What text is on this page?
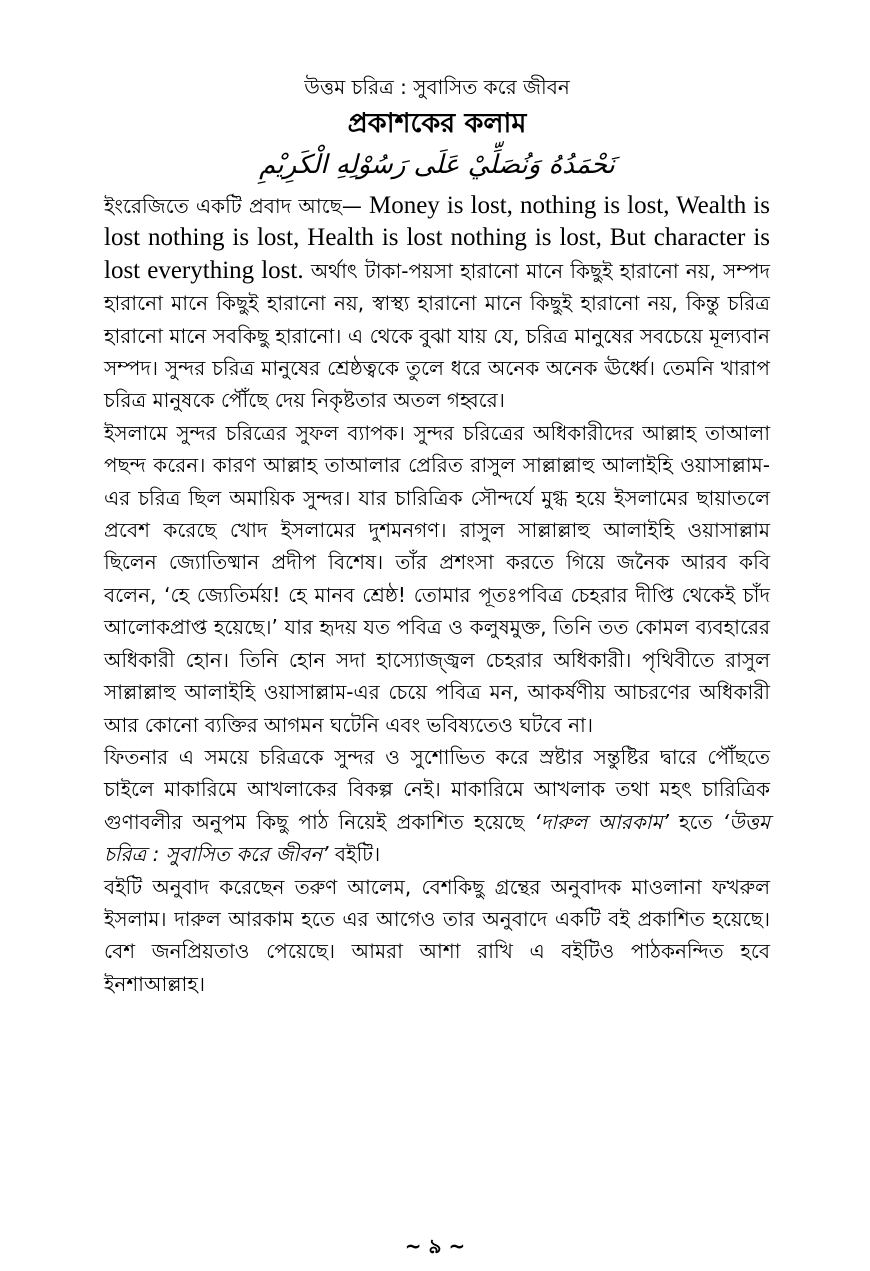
উত্তম চরিত্র : সুবাসিত করে জীবন

প্রকাশকের কলাম

نَحْمَدُهُ وَنُصَلِّيْ عَلَى رَسُوْلِهِ الْكَرِيْمِ

ইংরেজিতে একটি প্রবাদ আছে— Money is lost, nothing is lost, Wealth is lost nothing is lost, Health is lost nothing is lost, But character is lost everything lost. অর্থাৎ টাকা-পয়সা হারানো মানে কিছুই হারানো নয়, সম্পদ হারানো মানে কিছুই হারানো নয়, স্বাস্থ্য হারানো মানে কিছুই হারানো নয়, কিন্তু চরিত্র হারানো মানে সবকিছু হারানো। এ থেকে বুঝা যায় যে, চরিত্র মানুষের সবচেয়ে মূল্যবান সম্পদ। সুন্দর চরিত্র মানুষের শ্রেষ্ঠত্বকে তুলে ধরে অনেক অনেক ঊর্ধ্বে। তেমনি খারাপ চরিত্র মানুষকে পৌঁছে দেয় নিকৃষ্টতার অতল গহ্বরে।

ইসলামে সুন্দর চরিত্রের সুফল ব্যাপক। সুন্দর চরিত্রের অধিকারীদের আল্লাহ তাআলা পছন্দ করেন। কারণ আল্লাহ তাআলার প্রেরিত রাসুল সাল্লাল্লাহু আলাইহি ওয়াসাল্লাম-এর চরিত্র ছিল অমায়িক সুন্দর। যার চারিত্রিক সৌন্দর্যে মুগ্ধ হয়ে ইসলামের ছায়াতলে প্রবেশ করেছে খোদ ইসলামের দুশমনগণ। রাসুল সাল্লাল্লাহু আলাইহি ওয়াসাল্লাম ছিলেন জ্যোতিষ্মান প্রদীপ বিশেষ। তাঁর প্রশংসা করতে গিয়ে জনৈক আরব কবি বলেন, ‘হে জ্যেতির্ময়! হে মানব শ্রেষ্ঠ! তোমার পূতঃপবিত্র চেহরার দীপ্তি থেকেই চাঁদ আলোকপ্রাপ্ত হয়েছে।’ যার হৃদয় যত পবিত্র ও কলুষমুক্ত, তিনি তত কোমল ব্যবহারের অধিকারী হোন। তিনি হোন সদা হাস্যোজ্জ্বল চেহরার অধিকারী। পৃথিবীতে রাসুল সাল্লাল্লাহু আলাইহি ওয়াসাল্লাম-এর চেয়ে পবিত্র মন, আকর্ষণীয় আচরণের অধিকারী আর কোনো ব্যক্তির আগমন ঘটেনি এবং ভবিষ্যতেও ঘটবে না।

ফিতনার এ সময়ে চরিত্রকে সুন্দর ও সুশোভিত করে স্রষ্টার সন্তুষ্টির দ্বারে পৌঁছতে চাইলে মাকারিমে আখলাকের বিকল্প নেই। মাকারিমে আখলাক তথা মহৎ চারিত্রিক গুণাবলীর অনুপম কিছু পাঠ নিয়েই প্রকাশিত হয়েছে ‘দারুল আরকাম’ হতে ‘উত্তম চরিত্র : সুবাসিত করে জীবন’ বইটি।

বইটি অনুবাদ করেছেন তরুণ আলেম, বেশকিছু গ্রন্থের অনুবাদক মাওলানা ফখরুল ইসলাম। দারুল আরকাম হতে এর আগেও তার অনুবাদে একটি বই প্রকাশিত হয়েছে। বেশ জনপ্রিয়তাও পেয়েছে। আমরা আশা রাখি এ বইটিও পাঠকনন্দিত হবে ইনশাআল্লাহ।

~ ৯ ~
